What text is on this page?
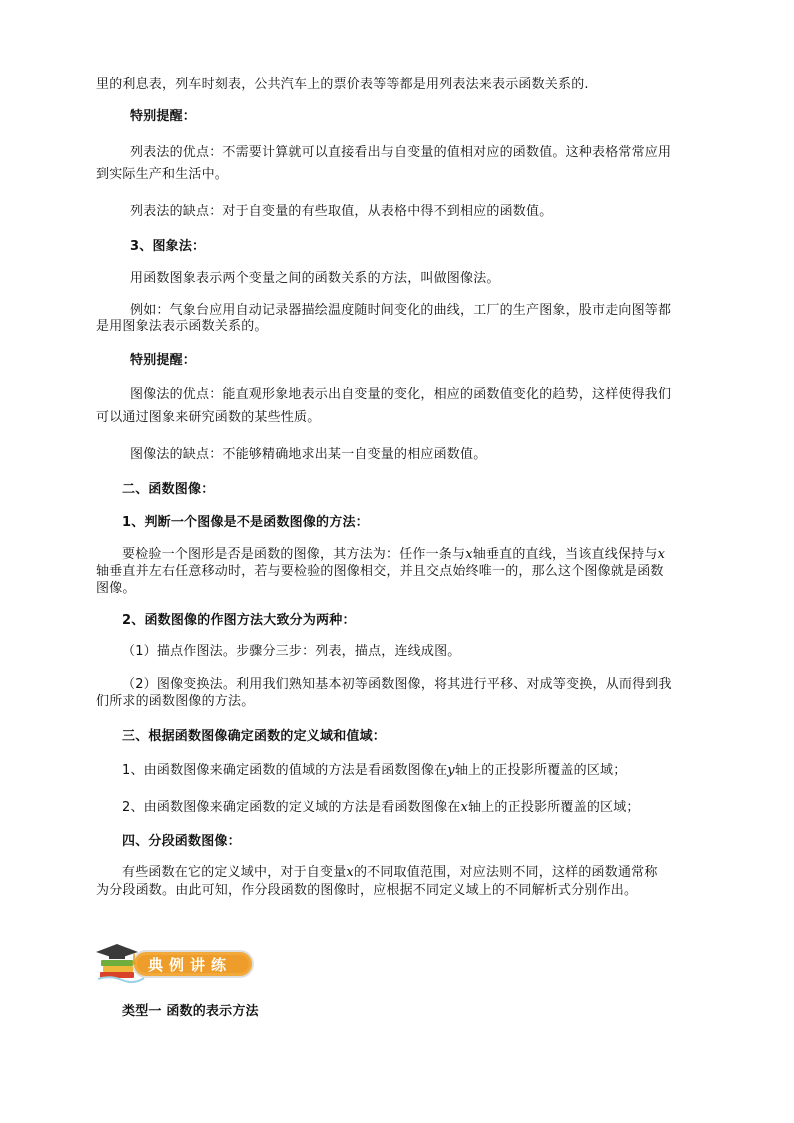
里的利息表，列车时刻表，公共汽车上的票价表等等都是用列表法来表示函数关系的.
特别提醒：
列表法的优点：不需要计算就可以直接看出与自变量的值相对应的函数值。这种表格常常应用
到实际生产和生活中。
列表法的缺点：对于自变量的有些取值，从表格中得不到相应的函数值。
3、图象法：
用函数图象表示两个变量之间的函数关系的方法，叫做图像法。
例如：气象台应用自动记录器描绘温度随时间变化的曲线，工厂的生产图象，股市走向图等都
是用图象法表示函数关系的。
特别提醒：
图像法的优点：能直观形象地表示出自变量的变化，相应的函数值变化的趋势，这样使得我们
可以通过图象来研究函数的某些性质。
图像法的缺点：不能够精确地求出某一自变量的相应函数值。
二、函数图像：
1、判断一个图像是不是函数图像的方法：
要检验一个图形是否是函数的图像，其方法为：任作一条与x轴垂直的直线，当该直线保持与x
轴垂直并左右任意移动时，若与要检验的图像相交，并且交点始终唯一的，那么这个图像就是函数
图像。
2、函数图像的作图方法大致分为两种：
（1）描点作图法。步骤分三步：列表，描点，连线成图。
（2）图像变换法。利用我们熟知基本初等函数图像，将其进行平移、对成等变换，从而得到我
们所求的函数图像的方法。
三、根据函数图像确定函数的定义域和值域：
1、由函数图像来确定函数的值域的方法是看函数图像在y轴上的正投影所覆盖的区域；
2、由函数图像来确定函数的定义域的方法是看函数图像在x轴上的正投影所覆盖的区域；
四、分段函数图像：
有些函数在它的定义域中，对于自变量x的不同取值范围，对应法则不同，这样的函数通常称
为分段函数。由此可知，作分段函数的图像时，应根据不同定义域上的不同解析式分别作出。
典例讲练
类型一 函数的表示方法
